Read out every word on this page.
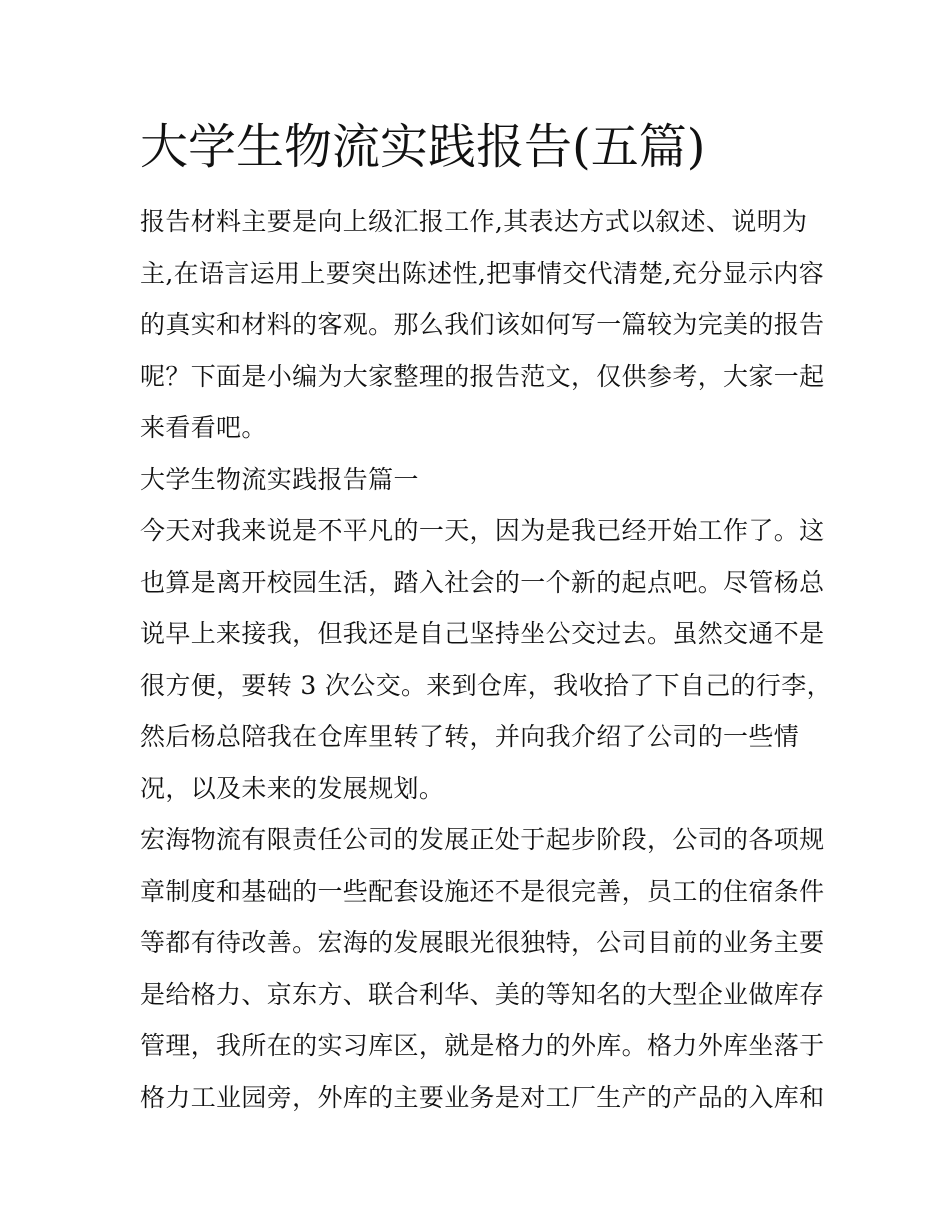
大学生物流实践报告(五篇)
报告材料主要是向上级汇报工作,其表达方式以叙述、说明为
主,在语言运用上要突出陈述性,把事情交代清楚,充分显示内容
的真实和材料的客观。那么我们该如何写一篇较为完美的报告
呢？下面是小编为大家整理的报告范文，仅供参考，大家一起
来看看吧。
大学生物流实践报告篇一
今天对我来说是不平凡的一天，因为是我已经开始工作了。这
也算是离开校园生活，踏入社会的一个新的起点吧。尽管杨总
说早上来接我，但我还是自己坚持坐公交过去。虽然交通不是
很方便，要转 3 次公交。来到仓库，我收拾了下自己的行李，
然后杨总陪我在仓库里转了转，并向我介绍了公司的一些情
况，以及未来的发展规划。
宏海物流有限责任公司的发展正处于起步阶段，公司的各项规
章制度和基础的一些配套设施还不是很完善，员工的住宿条件
等都有待改善。宏海的发展眼光很独特，公司目前的业务主要
是给格力、京东方、联合利华、美的等知名的大型企业做库存
管理，我所在的实习库区，就是格力的外库。格力外库坐落于
格力工业园旁，外库的主要业务是对工厂生产的产品的入库和
